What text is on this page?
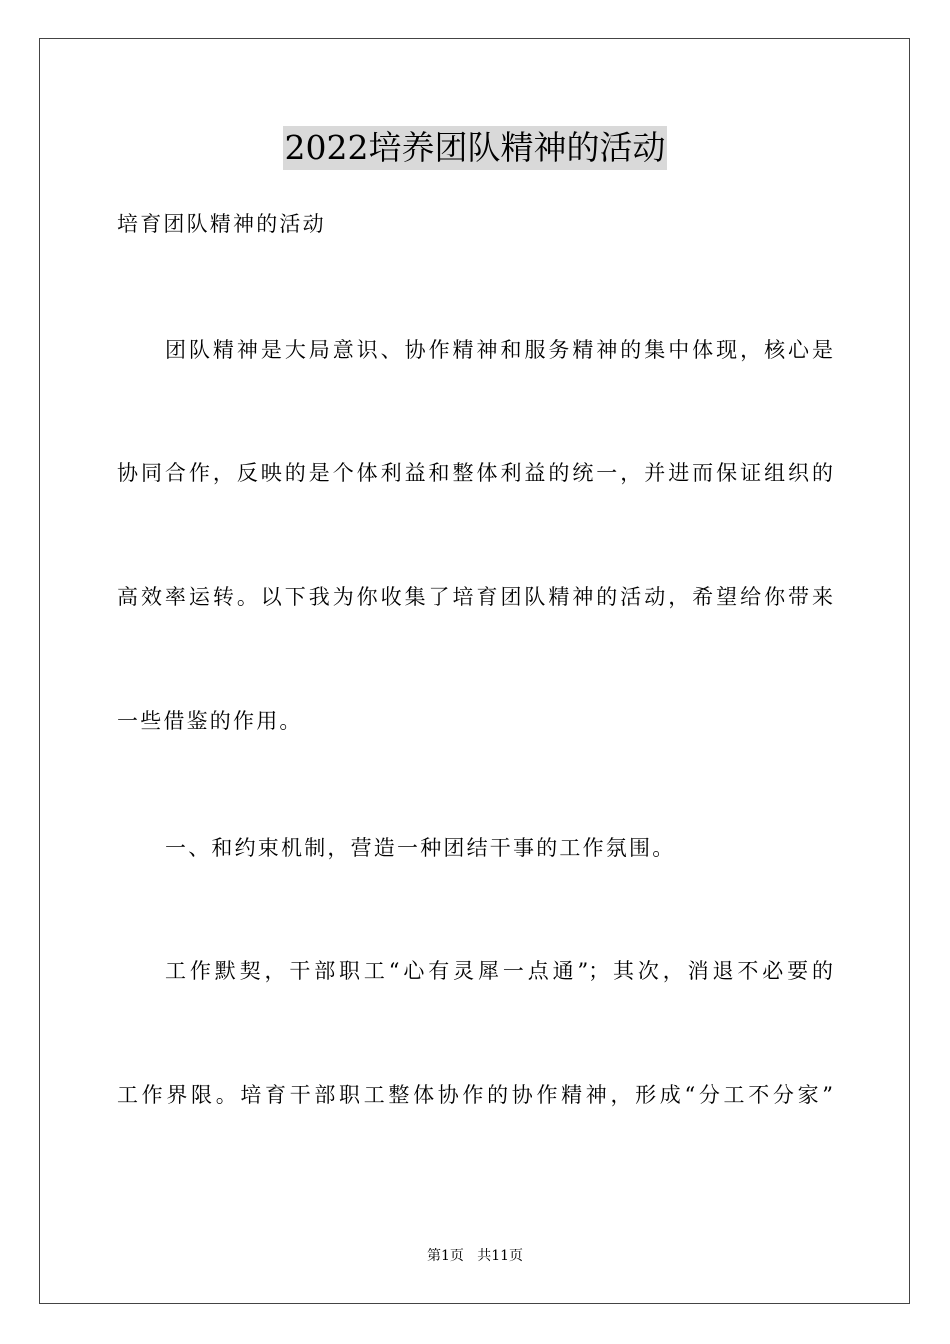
2022培养团队精神的活动
培育团队精神的活动
团队精神是大局意识、协作精神和服务精神的集中体现，核心是
协同合作，反映的是个体利益和整体利益的统一，并进而保证组织的
高效率运转。以下我为你收集了培育团队精神的活动，希望给你带来
一些借鉴的作用。
一、和约束机制，营造一种团结干事的工作氛围。
工作默契，干部职工“心有灵犀一点通”；其次，消退不必要的
工作界限。培育干部职工整体协作的协作精神，形成“分工不分家”
第1页   共11页
